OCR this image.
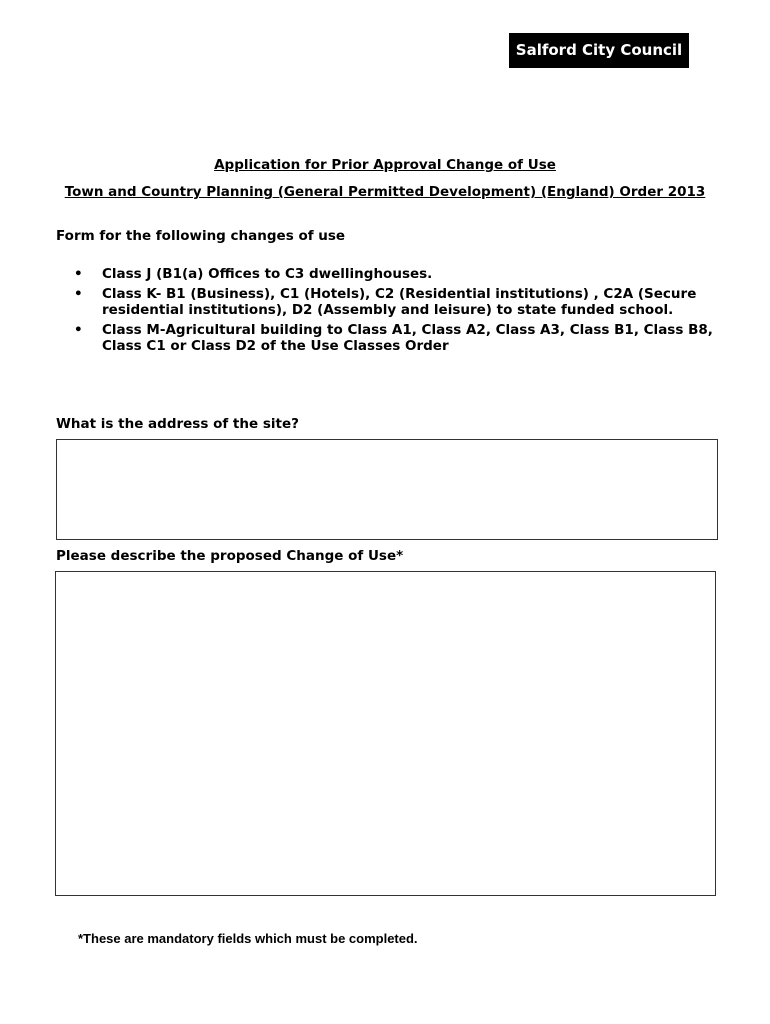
Salford City Council
Application for Prior Approval Change of Use
Town and Country Planning (General Permitted Development) (England) Order 2013
Form for the following changes of use
• Class J (B1(a) Offices to C3 dwellinghouses.
• Class K- B1 (Business), C1 (Hotels), C2 (Residential institutions) , C2A (Secure residential institutions), D2 (Assembly and leisure) to state funded school.
• Class M-Agricultural building to Class A1, Class A2, Class A3, Class B1, Class B8, Class C1 or Class D2 of the Use Classes Order
What is the address of the site?
Please describe the proposed Change of Use*
*These are mandatory fields which must be completed.
